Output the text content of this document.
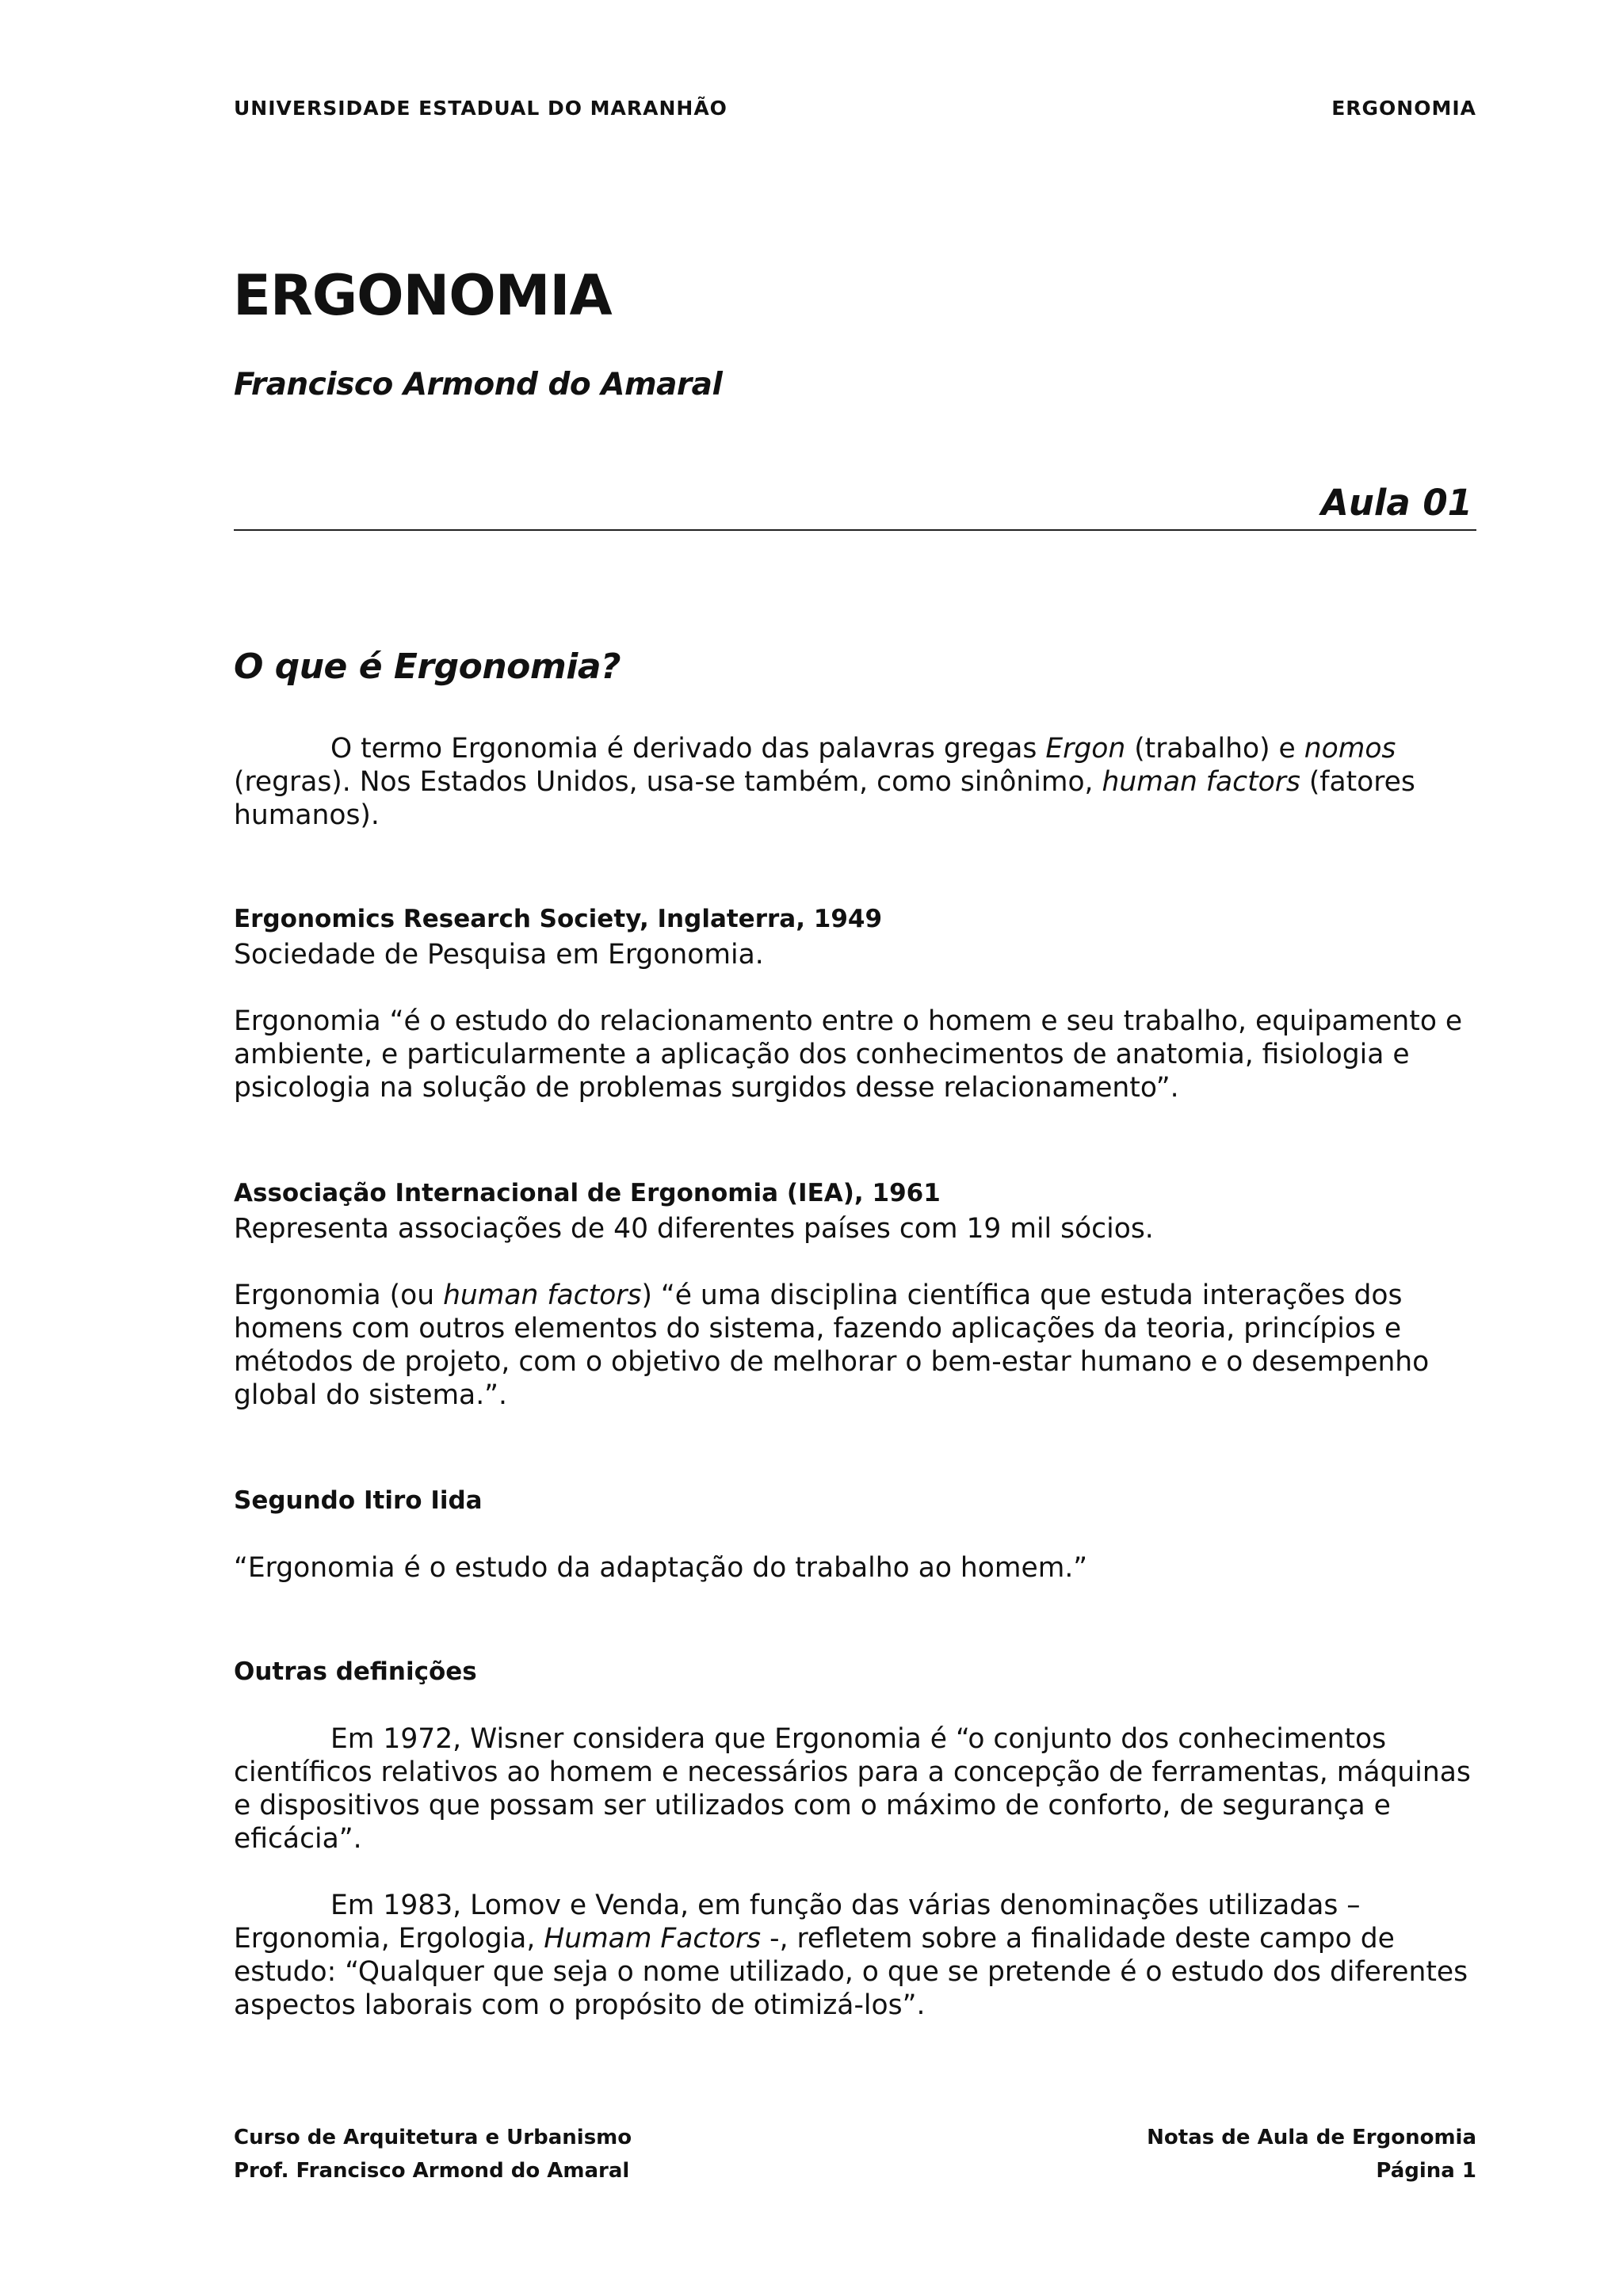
UNIVERSIDADE ESTADUAL DO MARANHÃO	ERGONOMIA
ERGONOMIA
Francisco Armond do Amaral
Aula 01
O que é Ergonomia?

O termo Ergonomia é derivado das palavras gregas Ergon (trabalho) e nomos (regras). Nos Estados Unidos, usa-se também, como sinônimo, human factors (fatores humanos).

Ergonomics Research Society, Inglaterra, 1949

Sociedade de Pesquisa em Ergonomia.

Ergonomia “é o estudo do relacionamento entre o homem e seu trabalho, equipamento e ambiente, e particularmente a aplicação dos conhecimentos de anatomia, fisiologia e psicologia na solução de problemas surgidos desse relacionamento”.

Associação Internacional de Ergonomia (IEA), 1961

Representa associações de 40 diferentes países com 19 mil sócios.

Ergonomia (ou human factors) “é uma disciplina científica que estuda interações dos homens com outros elementos do sistema, fazendo aplicações da teoria, princípios e métodos de projeto, com o objetivo de melhorar o bem-estar humano e o desempenho global do sistema.”.

Segundo Itiro Iida

“Ergonomia é o estudo da adaptação do trabalho ao homem.”

Outras definições

Em 1972, Wisner considera que Ergonomia é “o conjunto dos conhecimentos científicos relativos ao homem e necessários para a concepção de ferramentas, máquinas e dispositivos que possam ser utilizados com o máximo de conforto, de segurança e eficácia”.

Em 1983, Lomov e Venda, em função das várias denominações utilizadas – Ergonomia, Ergologia, Humam Factors -, refletem sobre a finalidade deste campo de estudo: “Qualquer que seja o nome utilizado, o que se pretende é o estudo dos diferentes aspectos laborais com o propósito de otimizá-los”.

Curso de Arquitetura e Urbanismo
Prof. Francisco Armond do Amaral
Notas de Aula de Ergonomia
Página 1
